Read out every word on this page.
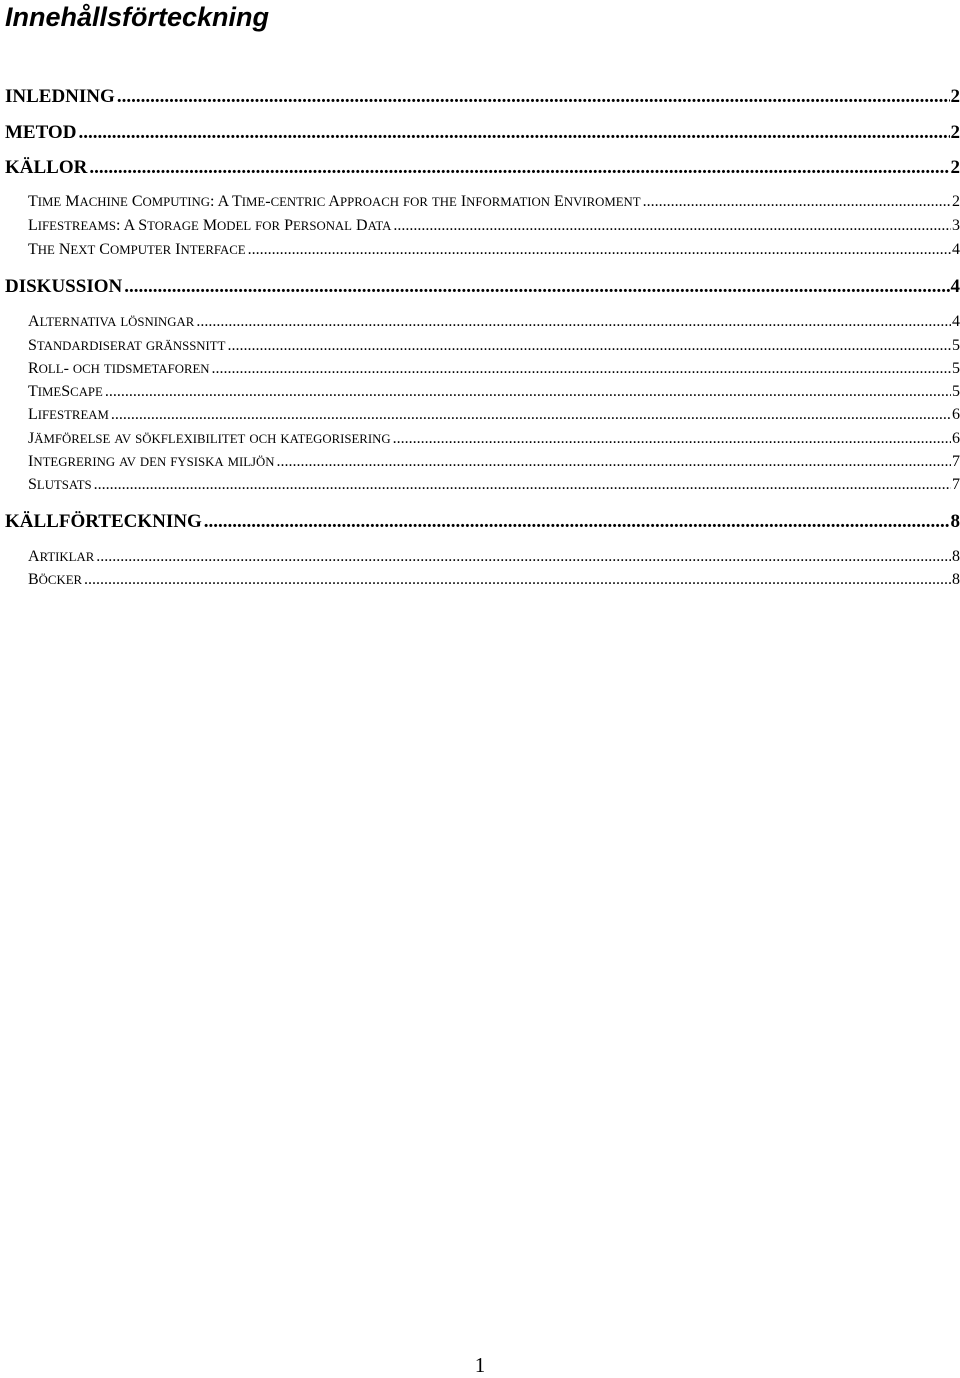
Innehållsförteckning
INLEDNING .....	2
METOD .....	2
KÄLLOR .....	2
TIME MACHINE COMPUTING: A TIME-CENTRIC APPROACH FOR THE INFORMATION ENVIROMENT .....	2
LIFESTREAMS: A STORAGE MODEL FOR PERSONAL DATA .....	3
THE NEXT COMPUTER INTERFACE .....	4
DISKUSSION .....	4
ALTERNATIVA LÖSNINGAR .....	4
STANDARDISERAT GRÄNSSNITT .....	5
ROLL- OCH TIDSMETAFOREN .....	5
TIMESCAPE .....	5
LIFESTREAM .....	6
JÄMFÖRELSE AV SÖKFLEXIBILITET OCH KATEGORISERING .....	6
INTEGRERING AV DEN FYSISKA MILJÖN .....	7
SLUTSATS .....	7
KÄLLFÖRTECKNING .....	8
ARTIKLAR .....	8
BÖCKER .....	8
1
